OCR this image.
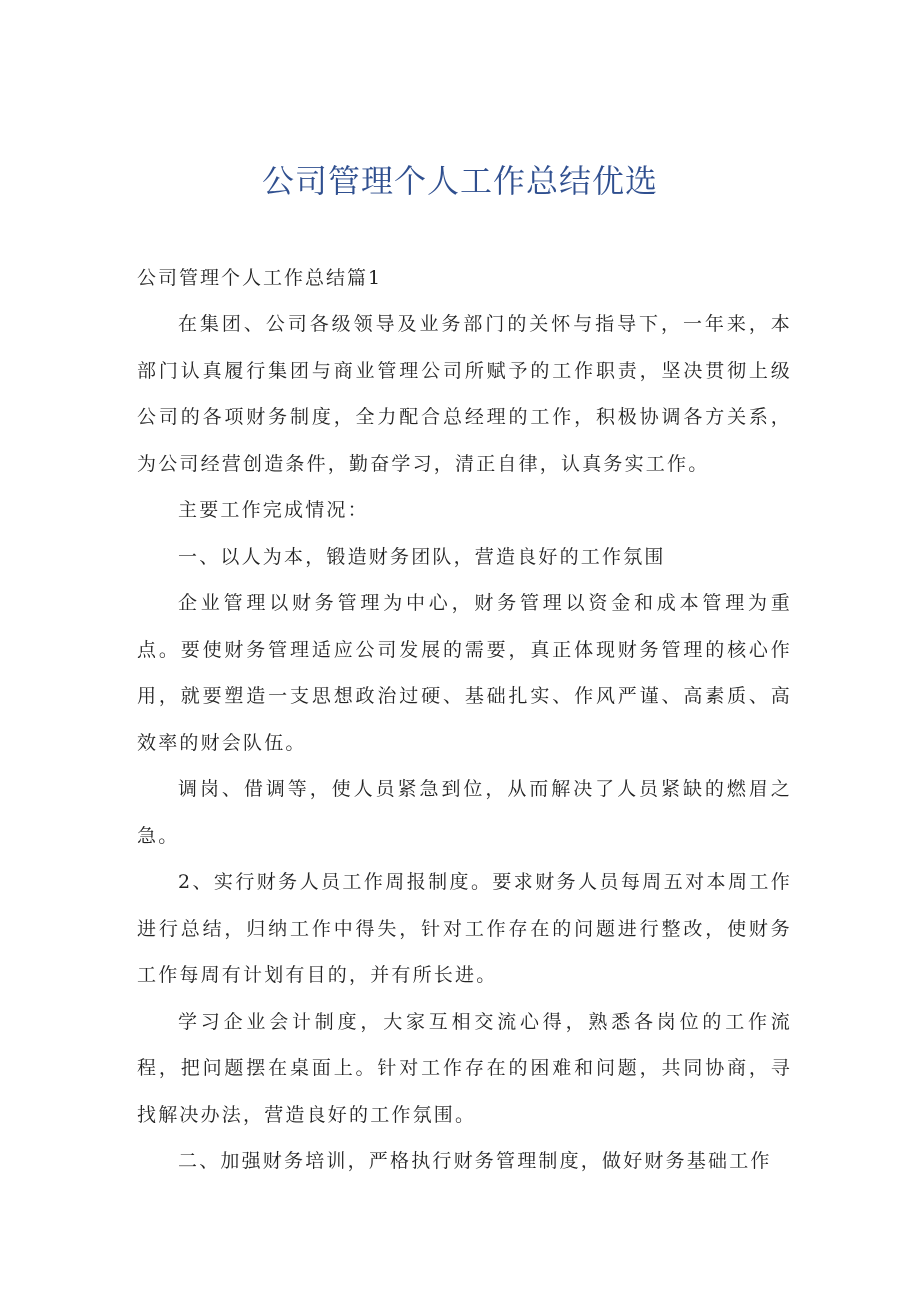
公司管理个人工作总结优选

公司管理个人工作总结篇1

在集团、公司各级领导及业务部门的关怀与指导下，一年来，本部门认真履行集团与商业管理公司所赋予的工作职责，坚决贯彻上级公司的各项财务制度，全力配合总经理的工作，积极协调各方关系，为公司经营创造条件，勤奋学习，清正自律，认真务实工作。

主要工作完成情况：

一、以人为本，锻造财务团队，营造良好的工作氛围

企业管理以财务管理为中心，财务管理以资金和成本管理为重点。要使财务管理适应公司发展的需要，真正体现财务管理的核心作用，就要塑造一支思想政治过硬、基础扎实、作风严谨、高素质、高效率的财会队伍。

调岗、借调等，使人员紧急到位，从而解决了人员紧缺的燃眉之急。

2、实行财务人员工作周报制度。要求财务人员每周五对本周工作进行总结，归纳工作中得失，针对工作存在的问题进行整改，使财务工作每周有计划有目的，并有所长进。

学习企业会计制度，大家互相交流心得，熟悉各岗位的工作流程，把问题摆在桌面上。针对工作存在的困难和问题，共同协商，寻找解决办法，营造良好的工作氛围。

二、加强财务培训，严格执行财务管理制度，做好财务基础工作
